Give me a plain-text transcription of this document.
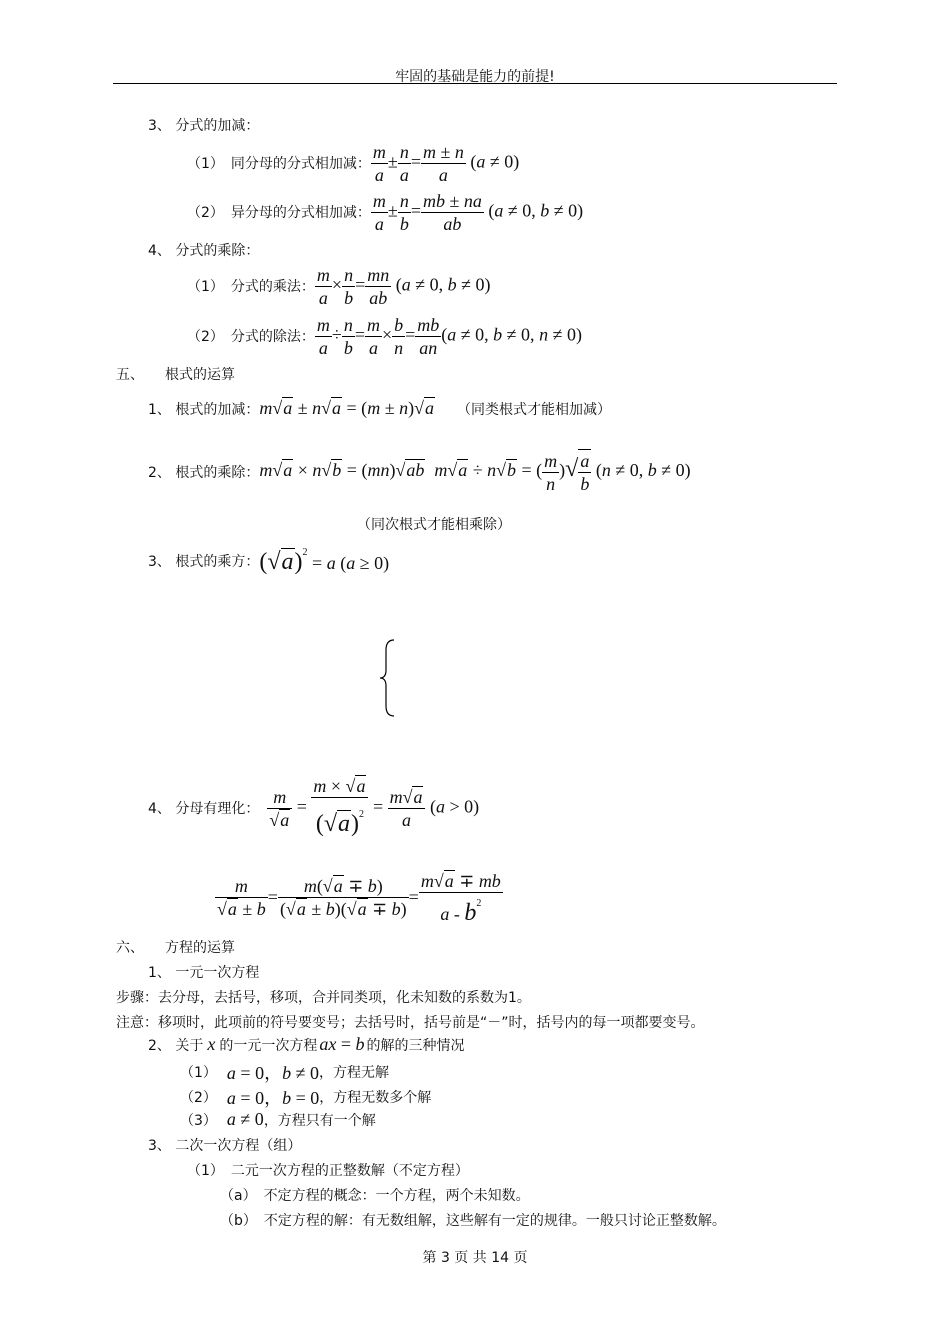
牢固的基础是能力的前提!
3、 分式的加减：
（1）　同分母的分式相加减： $\frac{m}{a} \pm \frac{n}{a} = \frac{m \pm n}{a} (a \ne 0)$
（2）　异分母的分式相加减： $\frac{m}{a} \pm \frac{n}{b} = \frac{mb \pm na}{ab} (a \ne 0$, b ≠ 0)
4、 分式的乘除：
（1）　分式的乘法： $\frac{m}{a} \times \frac{n}{b} = \frac{mn}{ab} (a \ne 0$, b ≠ 0)
（2）　分式的除法： $\frac{m}{a} \div \frac{n}{b} = \frac{m}{a} \times \frac{b}{n} = \frac{mb}{an} (a \ne 0$, b ≠ 0, n ≠ 0)
五、　　根式的运算
1、 根式的加减： m√a ± n√a = (m ± n)√a （同类根式才能相加减）
2、 根式的乘除： m√a × n√b = (mn)√ab m√a ÷ n√b = ( $\frac{m}{n}$ )√ $\frac{a}{b} (n \ne 0$, b ≠ 0)
（同次根式才能相乘除）
3、 根式的乘方： $(√a)^2 = a$ (a ≥ 0)
4、 分母有理化： $\frac{m}{√a} = \frac{m \times √a}{(√a)^2} = \frac{m√a}{a} (a > 0)$
$\frac{m}{√a \pm b} = \frac{m(√a \mp b)}{(√a \pm b)(√a \mp b)} = \frac{m√a \mp mb}{a - b^2}$
六、　　方程的运算
1、 一元一次方程
步骤：去分母，去括号，移项，合并同类项，化未知数的系数为1。
注意：移项时，此项前的符号要变号；去括号时，括号前是“－”时，括号内的每一项都要变号。
2、 关于 x 的一元一次方程 ax = b 的解的三种情况
（1） a = 0，b ≠ 0 ，方程无解
（2） a = 0，b = 0 ，方程无数多个解
（3） a ≠ 0 ，方程只有一个解
3、 二次一次方程（组）
（1）　二元一次方程的正整数解（不定方程）
（a）　不定方程的概念：一个方程，两个未知数。
（b）　不定方程的解：有无数组解，这些解有一定的规律。一般只讨论正整数解。
第 3 页 共 14 页
